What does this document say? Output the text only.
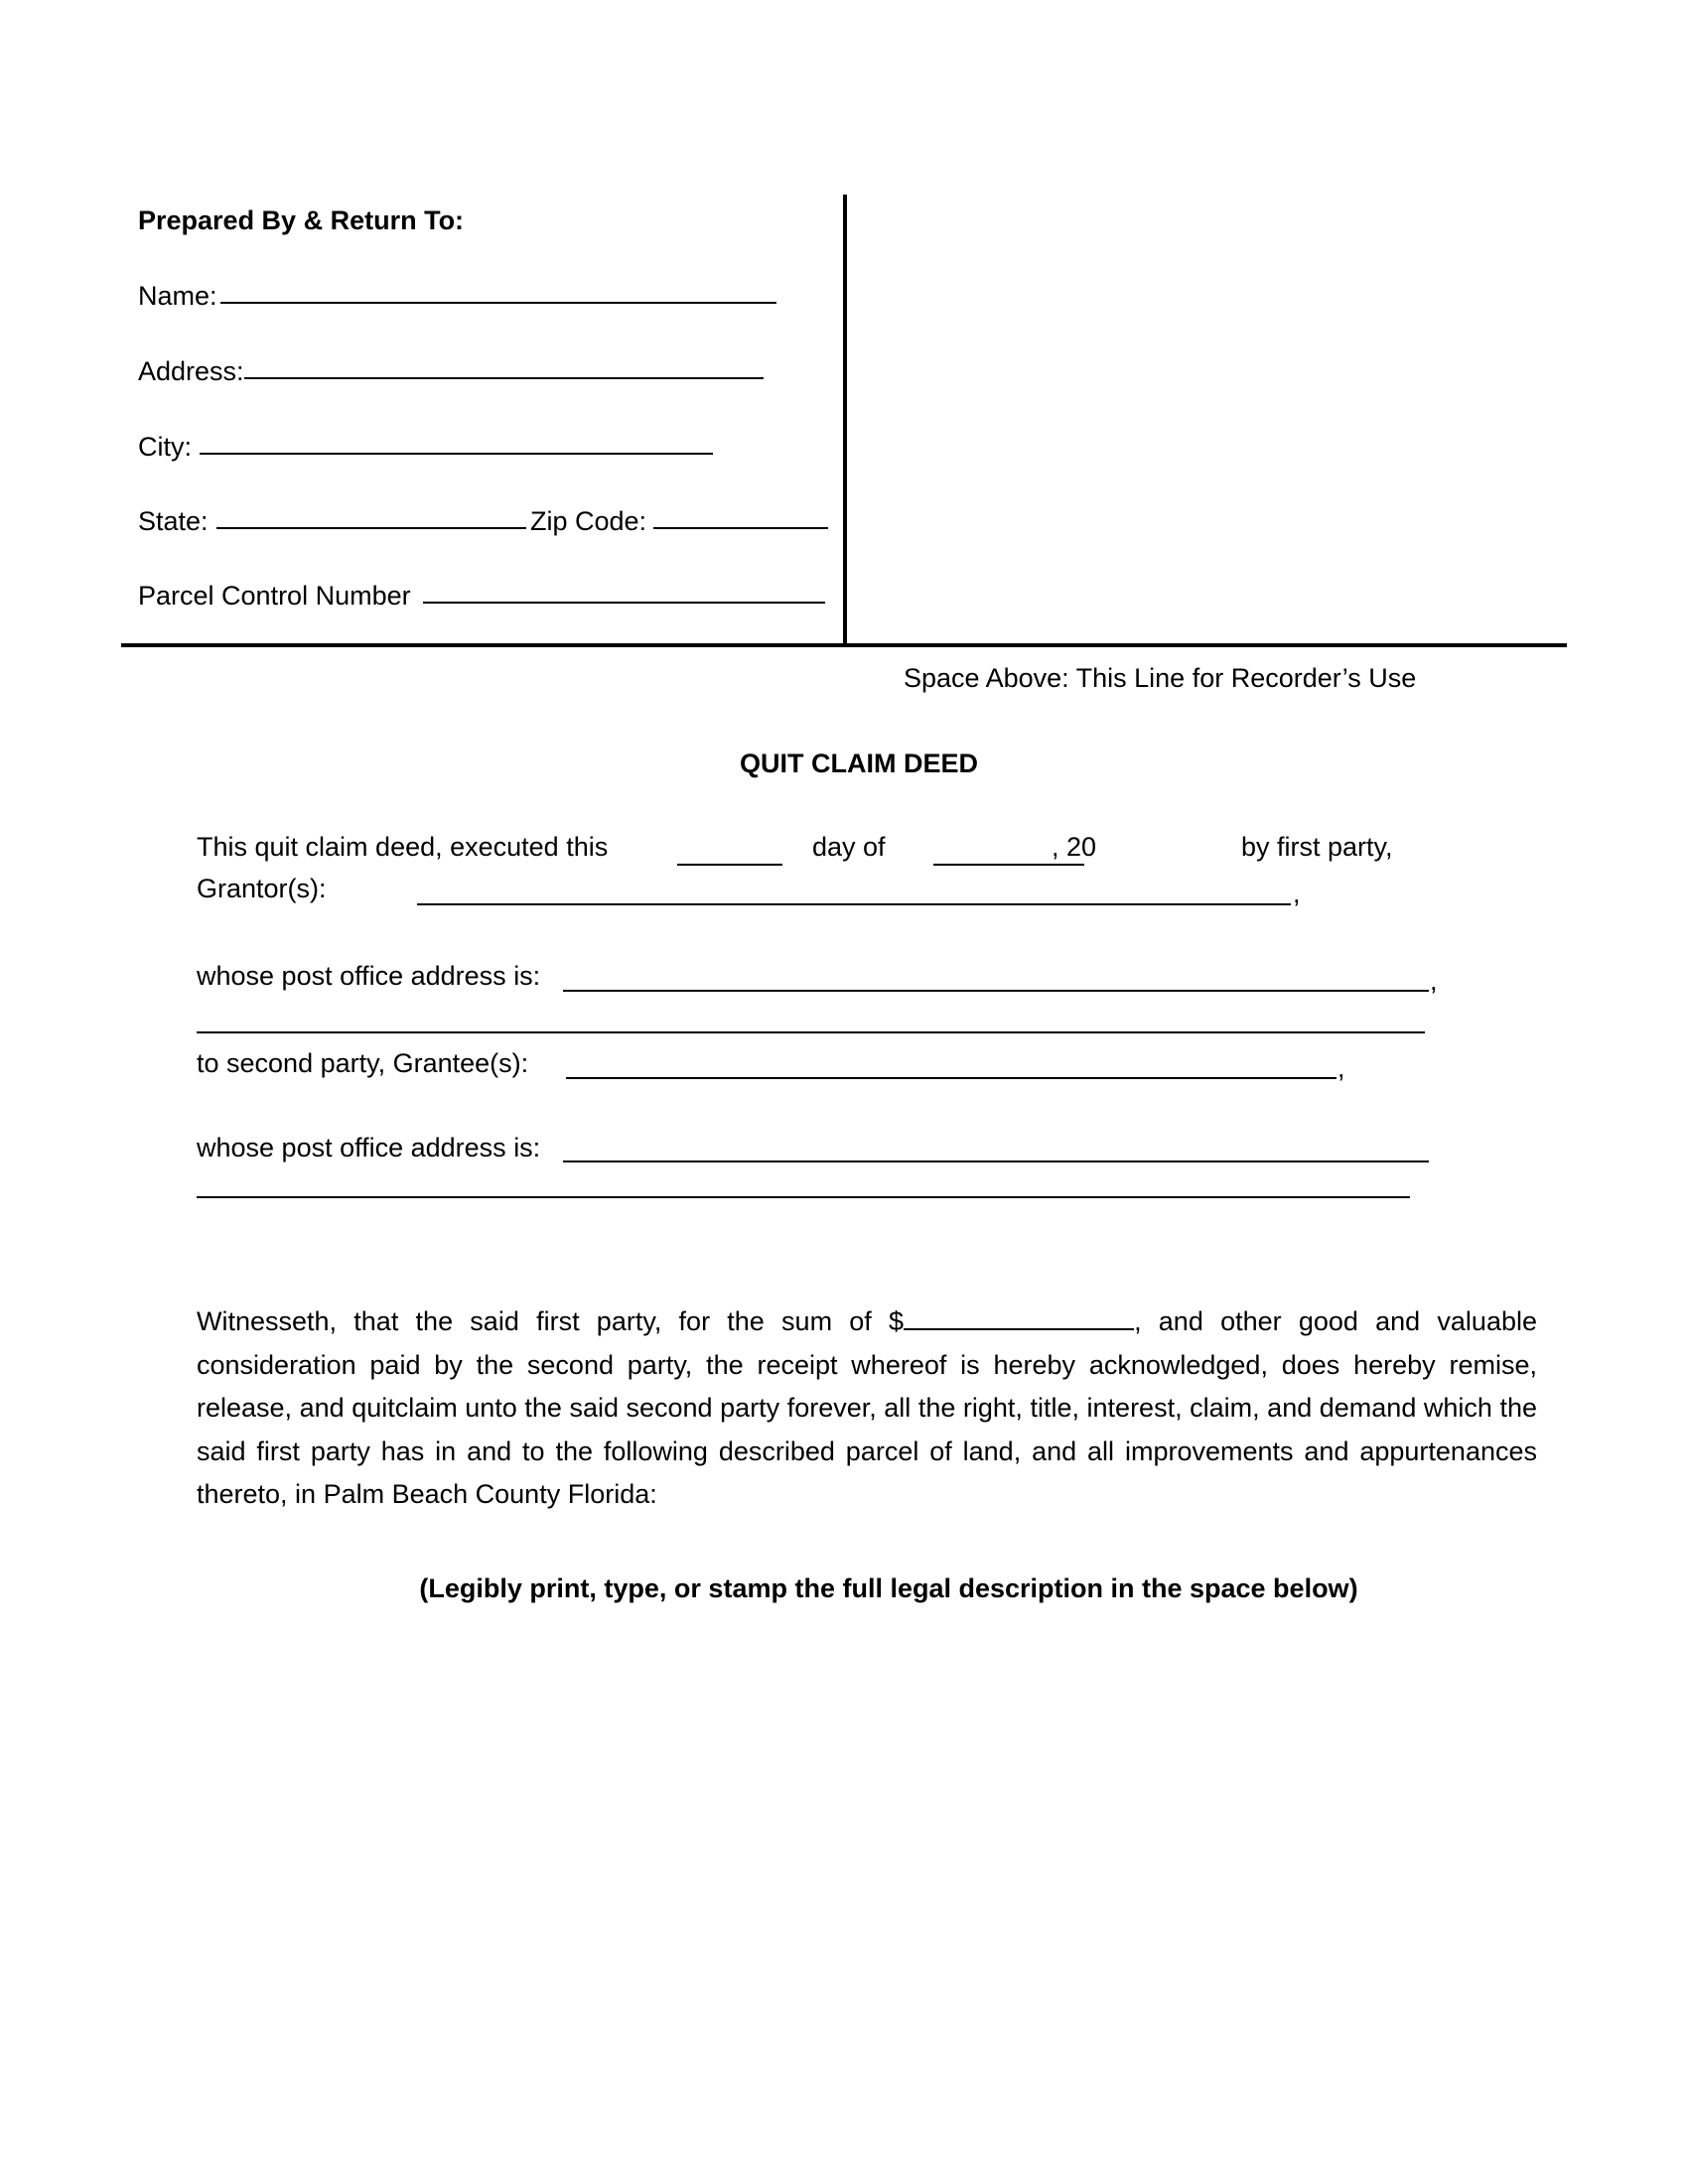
Prepared By & Return To:
Name:
Address:
City:
State:	Zip Code:
Parcel Control Number
Space Above: This Line for Recorder’s Use
QUIT CLAIM DEED
This quit claim deed, executed this	day of	, 20	by first party,
Grantor(s):	,
whose post office address is:	,
to second party, Grantee(s):	,
whose post office address is:
Witnesseth, that the said first party, for the sum of $	, and other good and valuable consideration paid by the second party, the receipt whereof is hereby acknowledged, does hereby remise, release, and quitclaim unto the said second party forever, all the right, title, interest, claim, and demand which the said first party has in and to the following described parcel of land, and all improvements and appurtenances thereto, in Palm Beach County Florida:
(Legibly print, type, or stamp the full legal description in the space below)
